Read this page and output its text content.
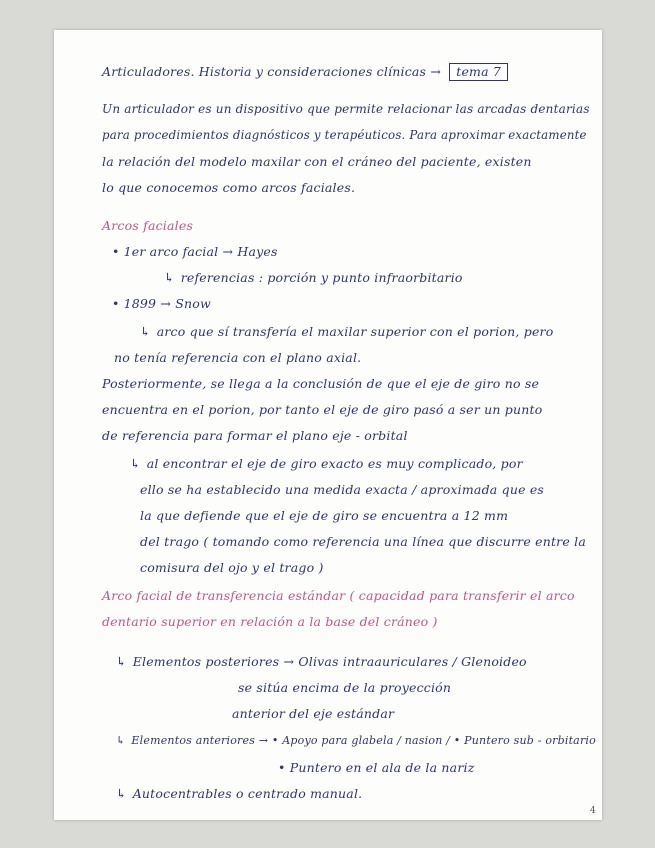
Articuladores. Historia y consideraciones clínicas → tema 7
Un articulador es un dispositivo que permite relacionar las arcadas dentarias
para procedimientos diagnósticos y terapéuticos. Para aproximar exactamente
la relación del modelo maxilar con el cráneo del paciente, existen
lo que conocemos como arcos faciales.
Arcos faciales
• 1er arco facial → Hayes
↳ referencias : porción y punto infraorbitario
• 1899 → Snow
↳ arco que sí transfería el maxilar superior con el porion, pero
no tenía referencia con el plano axial.
Posteriormente, se llega a la conclusión de que el eje de giro no se
encuentra en el porion, por tanto el eje de giro pasó a ser un punto
de referencia para formar el plano eje - orbital
↳ al encontrar el eje de giro exacto es muy complicado, por
ello se ha establecido una medida exacta / aproximada que es
la que defiende que el eje de giro se encuentra a 12 mm
del trago ( tomando como referencia una línea que discurre entre la
comisura del ojo y el trago )
Arco facial de transferencia estándar ( capacidad para transferir el arco
dentario superior en relación a la base del cráneo )
↳ Elementos posteriores → Olivas intraauriculares / Glenoideo
se sitúa encima de la proyección
anterior del eje estándar
↳ Elementos anteriores → • Apoyo para glabela / nasion / • Puntero sub - orbitario
• Puntero en el ala de la nariz
↳ Autocentrables o centrado manual.
4
